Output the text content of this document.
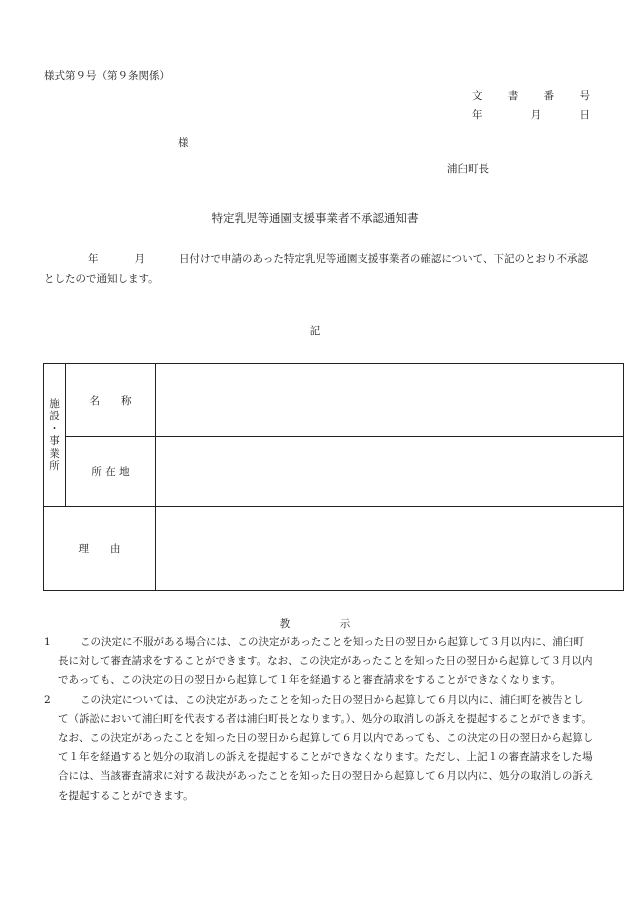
様式第９号（第９条関係）
文 書 番 号
年	月	日
様
浦臼町長
特定乳児等通園支援事業者不承認通知書
年	月	日付けで申請のあった特定乳児等通園支援事業者の確認について、下記のとおり不承認としたので通知します。
記
施
設
・
事
業
所
名　　称
所 在 地
理　　由
教	示
1	この決定に不服がある場合には、この決定があったことを知った日の翌日から起算して３月以内に、浦臼町長に対して審査請求をすることができます。なお、この決定があったことを知った日の翌日から起算して３月以内であっても、この決定の日の翌日から起算して１年を経過すると審査請求をすることができなくなります。
2	この決定については、この決定があったことを知った日の翌日から起算して６月以内に、浦臼町を被告として（訴訟において浦臼町を代表する者は浦臼町長となります。）、処分の取消しの訴えを提起することができます。なお、この決定があったことを知った日の翌日から起算して６月以内であっても、この決定の日の翌日から起算して１年を経過すると処分の取消しの訴えを提起することができなくなります。ただし、上記１の審査請求をした場合には、当該審査請求に対する裁決があったことを知った日の翌日から起算して６月以内に、処分の取消しの訴えを提起することができます。
